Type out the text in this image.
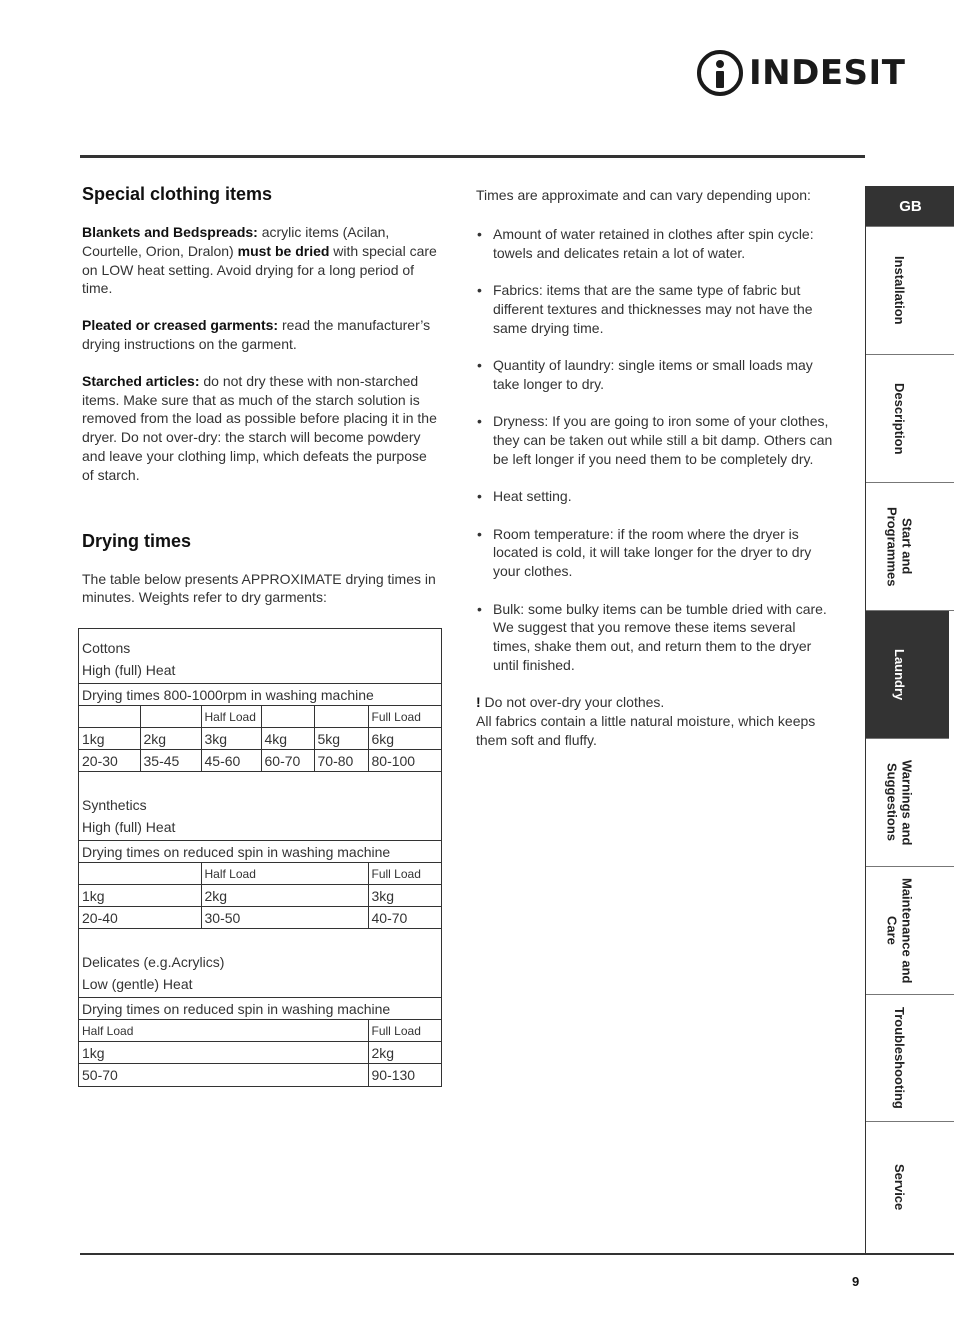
INDESIT
Special clothing items

Blankets and Bedspreads: acrylic items (Acilan, Courtelle, Orion, Dralon) must be dried with special care on LOW heat setting. Avoid drying for a long period of time.

Pleated or creased garments: read the manufacturer’s drying instructions on the garment.

Starched articles: do not dry these with non-starched items. Make sure that as much of the starch solution is removed from the load as possible before placing it in the dryer. Do not over-dry: the starch will become powdery and leave your clothing limp, which defeats the purpose of starch.

Drying times

The table below presents APPROXIMATE drying times in minutes. Weights refer to dry garments:

Cottons
High (full) Heat					
Drying times 800-1000rpm in washing machine					
		Half Load			Full Load
1kg	2kg	3kg	4kg	5kg	6kg
20-30	35-45	45-60	60-70	70-80	80-100
Synthetics
High (full) Heat		
Drying times on reduced spin in washing machine		
	Half Load	Full Load
1kg	2kg	3kg
20-40	30-50	40-70
Delicates (e.g.Acrylics)
Low (gentle) Heat	
Drying times on reduced spin in washing machine	
Half Load	Full Load
1kg	2kg
50-70	90-130

Times are approximate and can vary depending upon:

• Amount of water retained in clothes after spin cycle: towels and delicates retain a lot of water.
• Fabrics: items that are the same type of fabric but different textures and thicknesses may not have the same drying time.
• Quantity of laundry: single items or small loads may take longer to dry.
• Dryness: If you are going to iron some of your clothes, they can be taken out while still a bit damp. Others can be left longer if you need them to be completely dry.
• Heat setting.
• Room temperature: if the room where the dryer is located is cold, it will take longer for the dryer to dry your clothes.
• Bulk: some bulky items can be tumble dried with care. We suggest that you remove these items several times, shake them out, and return them to the dryer until finished.

! Do not over-dry your clothes.
All fabrics contain a little natural moisture, which keeps them soft and fluffy.

GB
Installation
Description
Start and
Programmes
Laundry
Warnings and
Suggestions
Maintenance and
Care
Troubleshooting
Service
9
